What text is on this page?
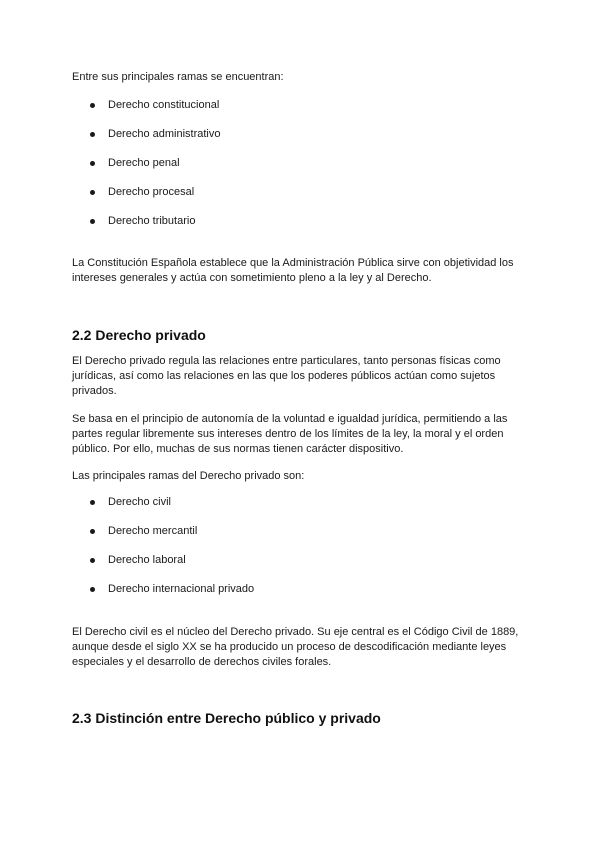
Entre sus principales ramas se encuentran:

Derecho constitucional
Derecho administrativo
Derecho penal
Derecho procesal
Derecho tributario

La Constitución Española establece que la Administración Pública sirve con objetividad los intereses generales y actúa con sometimiento pleno a la ley y al Derecho.

2.2 Derecho privado

El Derecho privado regula las relaciones entre particulares, tanto personas físicas como jurídicas, así como las relaciones en las que los poderes públicos actúan como sujetos privados.

Se basa en el principio de autonomía de la voluntad e igualdad jurídica, permitiendo a las partes regular libremente sus intereses dentro de los límites de la ley, la moral y el orden público. Por ello, muchas de sus normas tienen carácter dispositivo.

Las principales ramas del Derecho privado son:

Derecho civil
Derecho mercantil
Derecho laboral
Derecho internacional privado

El Derecho civil es el núcleo del Derecho privado. Su eje central es el Código Civil de 1889, aunque desde el siglo XX se ha producido un proceso de descodificación mediante leyes especiales y el desarrollo de derechos civiles forales.

2.3 Distinción entre Derecho público y privado
